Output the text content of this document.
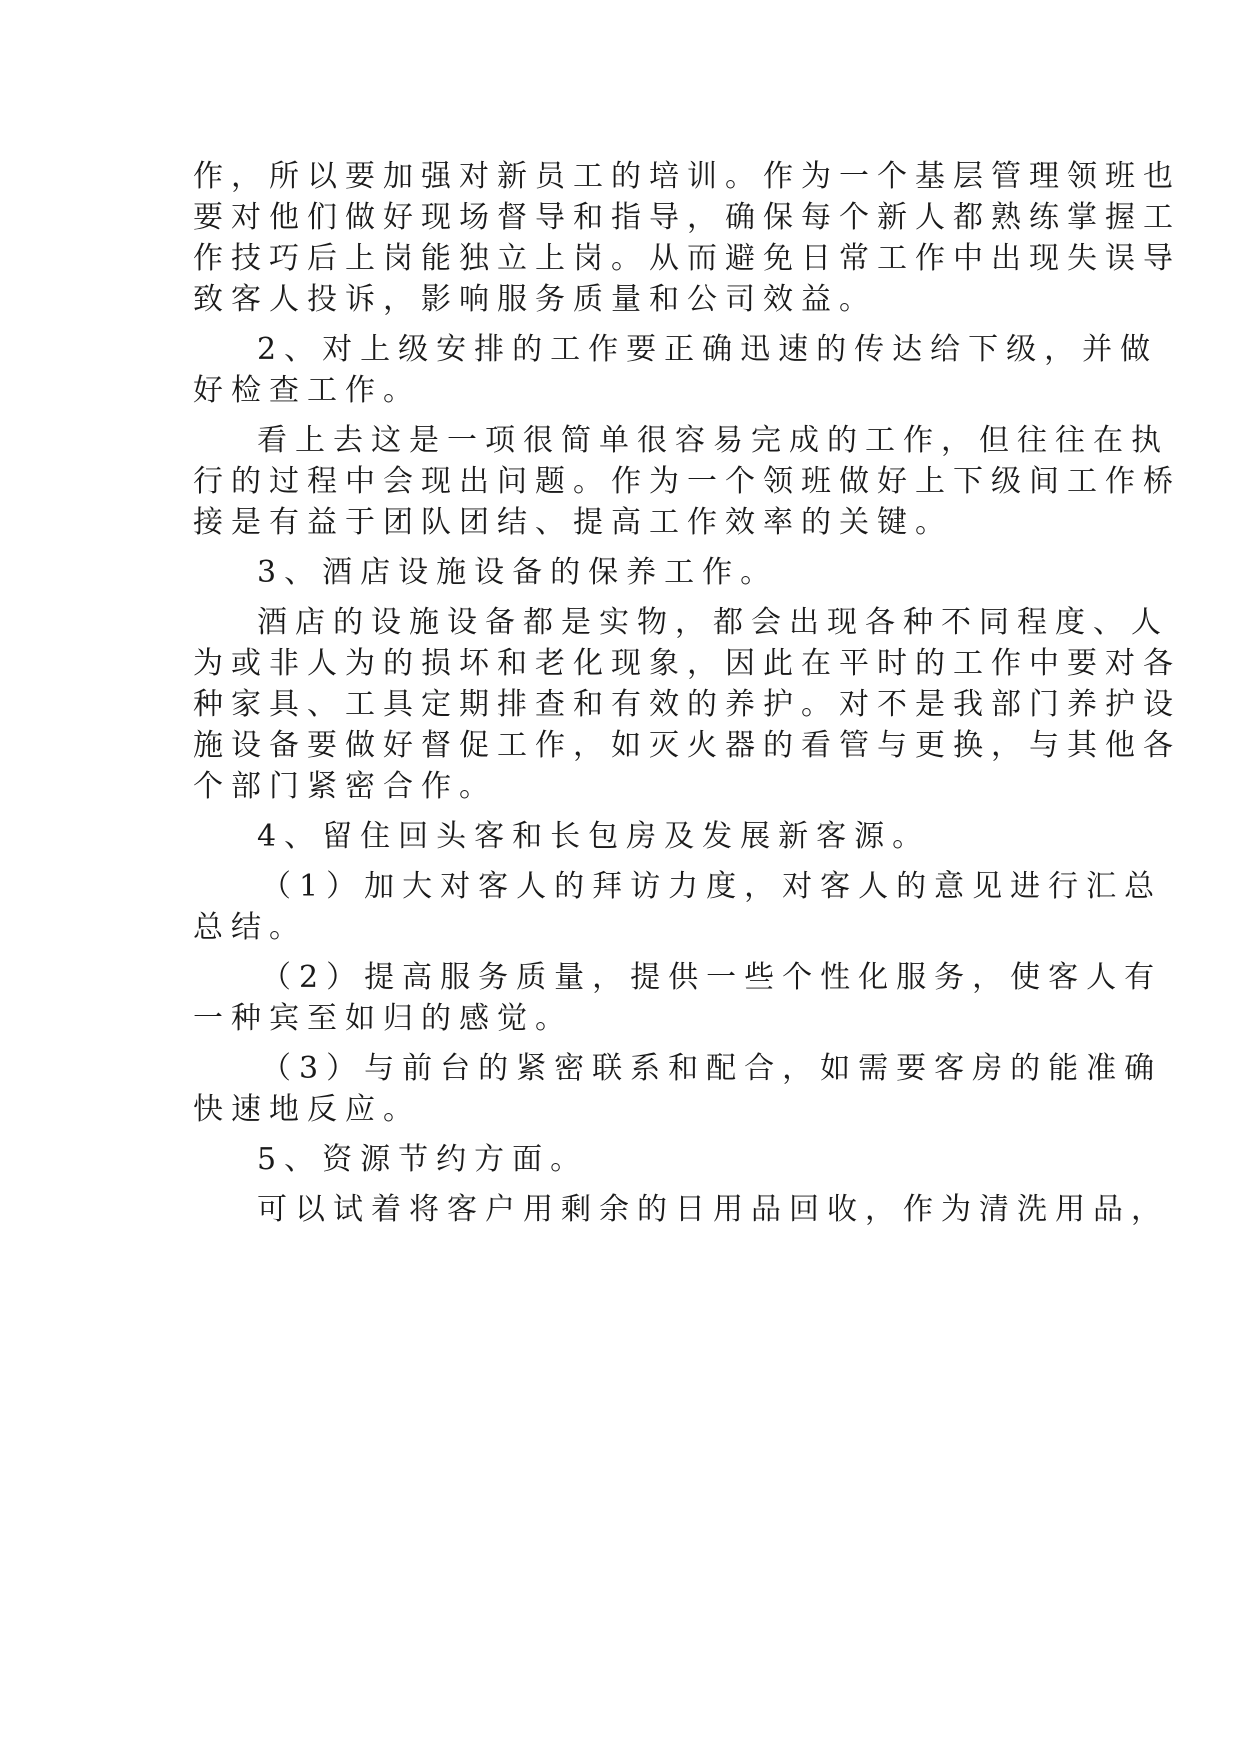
作，所以要加强对新员工的培训。作为一个基层管理领班也
要对他们做好现场督导和指导，确保每个新人都熟练掌握工
作技巧后上岗能独立上岗。从而避免日常工作中出现失误导
致客人投诉，影响服务质量和公司效益。
2、对上级安排的工作要正确迅速的传达给下级，并做
好检查工作。
看上去这是一项很简单很容易完成的工作，但往往在执
行的过程中会现出问题。作为一个领班做好上下级间工作桥
接是有益于团队团结、提高工作效率的关键。
3、酒店设施设备的保养工作。
酒店的设施设备都是实物，都会出现各种不同程度、人
为或非人为的损坏和老化现象，因此在平时的工作中要对各
种家具、工具定期排查和有效的养护。对不是我部门养护设
施设备要做好督促工作，如灭火器的看管与更换，与其他各
个部门紧密合作。
4、留住回头客和长包房及发展新客源。
（1）加大对客人的拜访力度，对客人的意见进行汇总
总结。
（2）提高服务质量，提供一些个性化服务，使客人有
一种宾至如归的感觉。
（3）与前台的紧密联系和配合，如需要客房的能准确
快速地反应。
5、资源节约方面。
可以试着将客户用剩余的日用品回收，作为清洗用品，
